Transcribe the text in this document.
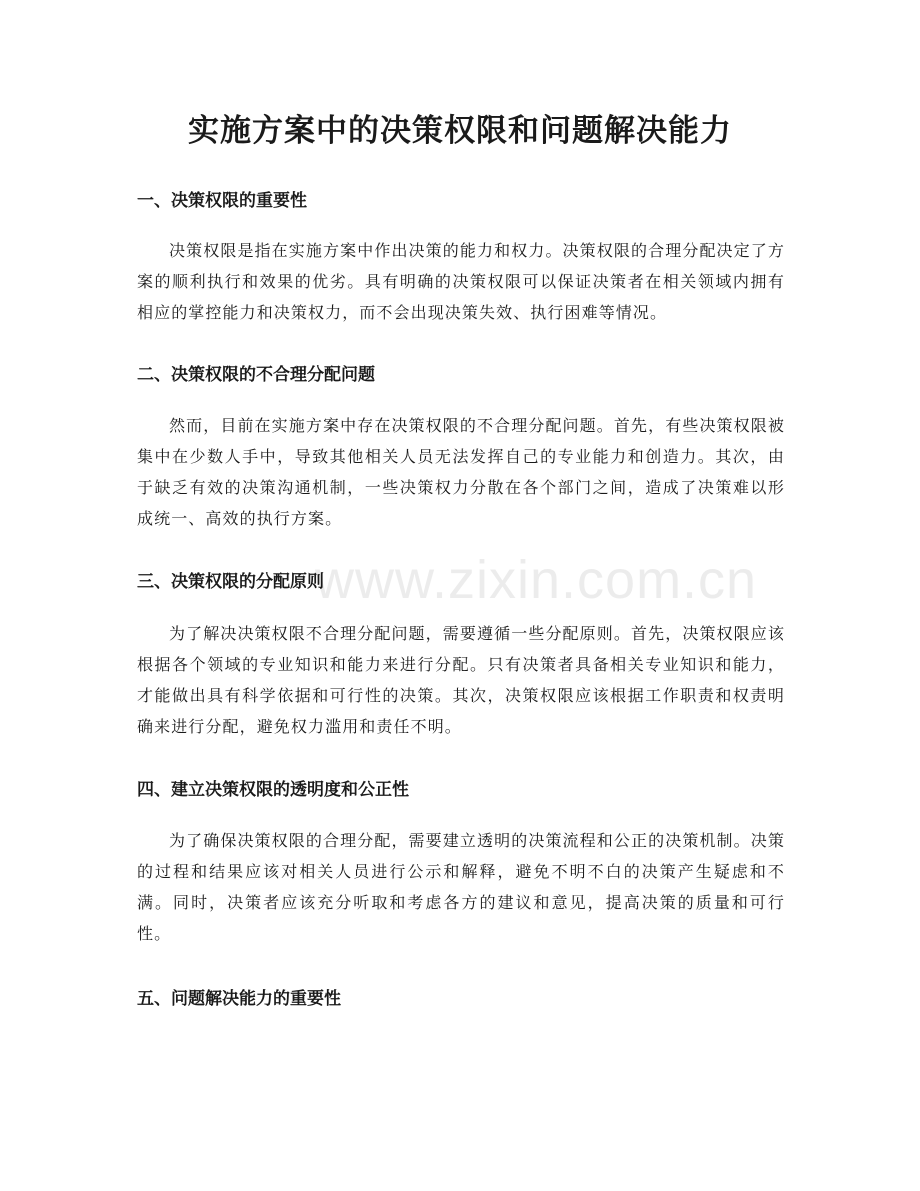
实施方案中的决策权限和问题解决能力
www.zixin.com.cn
一、决策权限的重要性

决策权限是指在实施方案中作出决策的能力和权力。决策权限的合理分配决定了方案的顺利执行和效果的优劣。具有明确的决策权限可以保证决策者在相关领域内拥有相应的掌控能力和决策权力，而不会出现决策失效、执行困难等情况。

二、决策权限的不合理分配问题

然而，目前在实施方案中存在决策权限的不合理分配问题。首先，有些决策权限被集中在少数人手中，导致其他相关人员无法发挥自己的专业能力和创造力。其次，由于缺乏有效的决策沟通机制，一些决策权力分散在各个部门之间，造成了决策难以形成统一、高效的执行方案。

三、决策权限的分配原则

为了解决决策权限不合理分配问题，需要遵循一些分配原则。首先，决策权限应该根据各个领域的专业知识和能力来进行分配。只有决策者具备相关专业知识和能力，才能做出具有科学依据和可行性的决策。其次，决策权限应该根据工作职责和权责明确来进行分配，避免权力滥用和责任不明。

四、建立决策权限的透明度和公正性

为了确保决策权限的合理分配，需要建立透明的决策流程和公正的决策机制。决策的过程和结果应该对相关人员进行公示和解释，避免不明不白的决策产生疑虑和不满。同时，决策者应该充分听取和考虑各方的建议和意见，提高决策的质量和可行性。

五、问题解决能力的重要性
